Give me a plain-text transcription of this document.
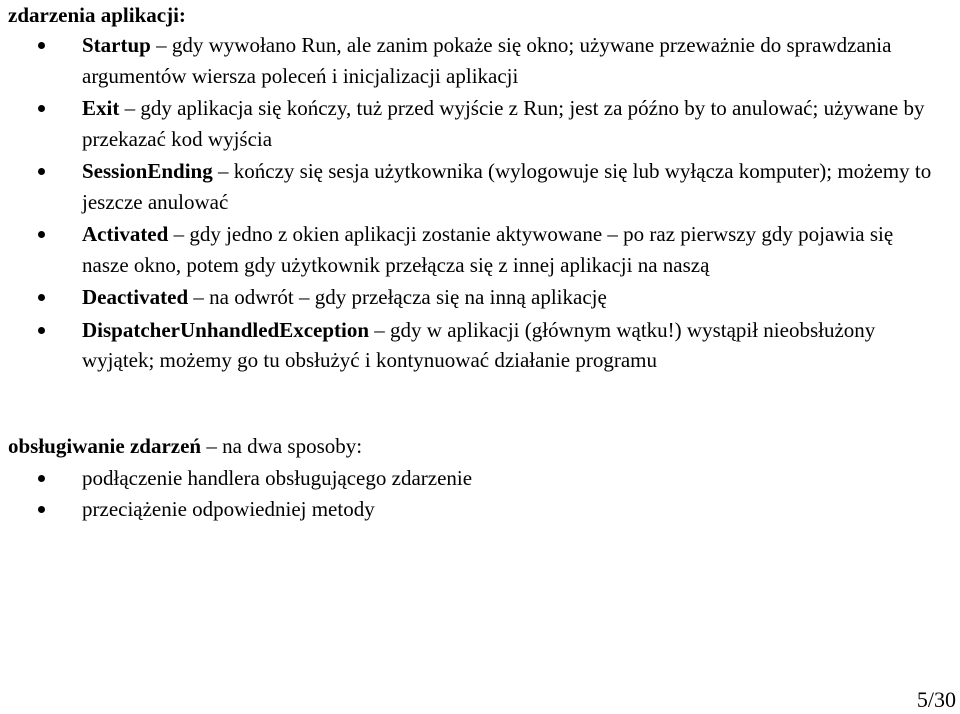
zdarzenia aplikacji:
Startup – gdy wywołano Run, ale zanim pokaże się okno; używane przeważnie do sprawdzania argumentów wiersza poleceń i inicjalizacji aplikacji
Exit – gdy aplikacja się kończy, tuż przed wyjście z Run; jest za późno by to anulować; używane by przekazać kod wyjścia
SessionEnding – kończy się sesja użytkownika (wylogowuje się lub wyłącza komputer); możemy to jeszcze anulować
Activated – gdy jedno z okien aplikacji zostanie aktywowane – po raz pierwszy gdy pojawia się nasze okno, potem gdy użytkownik przełącza się z innej aplikacji na naszą
Deactivated – na odwrót – gdy przełącza się na inną aplikację
DispatcherUnhandledException – gdy w aplikacji (głównym wątku!) wystąpił nieobsłużony wyjątek; możemy go tu obsłużyć i kontynuować działanie programu
obsługiwanie zdarzeń – na dwa sposoby:
podłączenie handlera obsługującego zdarzenie
przeciążenie odpowiedniej metody
5/30
